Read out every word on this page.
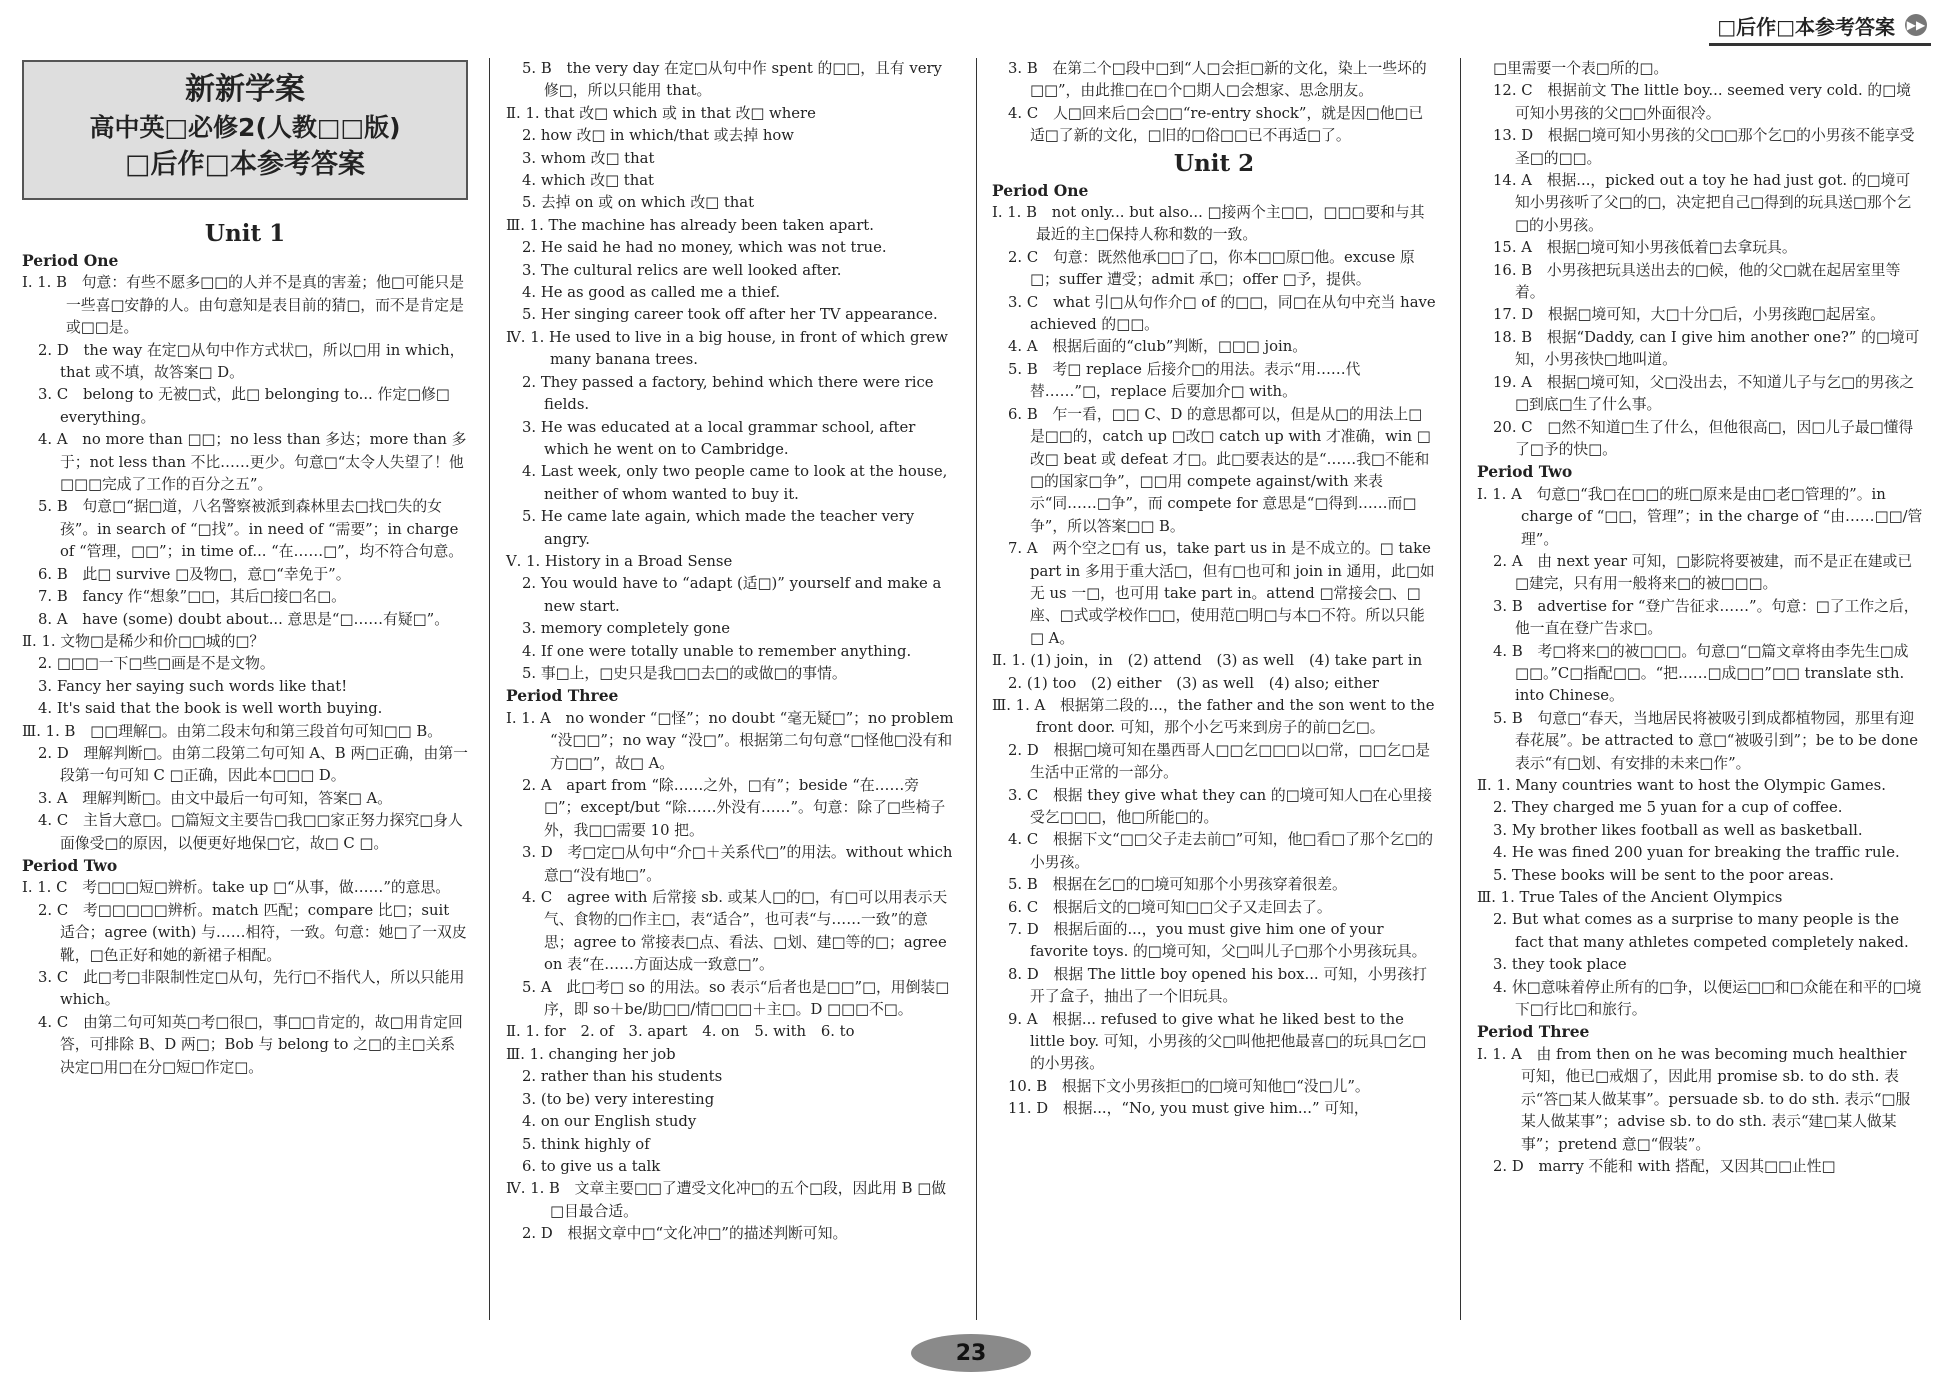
□后作□本参考答案 ▶▶
新新学案
高中英□必修2(人教□□版)
□后作□本参考答案

Unit 1

Period One

Ⅰ. 1. B　句意：有些不愿多□□的人并不是真的害羞；他□可能只是一些喜□安静的人。由句意知是表目前的猜□，而不是肯定是或□□是。

2. D　the way 在定□从句中作方式状□，所以□用 in which，that 或不填，故答案□ D。

3. C　belong to 无被□式，此□ belonging to... 作定□修□ everything。

4. A　no more than □□；no less than 多达；more than 多于；not less than 不比……更少。句意□“太令人失望了！他□□□完成了工作的百分之五”。

5. B　句意□“据□道，八名警察被派到森林里去□找□失的女孩”。in search of “□找”。in need of “需要”；in charge of “管理，□□”；in time of... “在……□”，均不符合句意。

6. B　此□ survive □及物□，意□“幸免于”。

7. B　fancy 作“想象”□□，其后□接□名□。

8. A　have (some) doubt about... 意思是“□……有疑□”。

Ⅱ. 1. 文物□是稀少和价□□城的□？

2. □□□一下□些□画是不是文物。

3. Fancy her saying such words like that!

4. It's said that the book is well worth buying.

Ⅲ. 1. B　□□理解□。由第二段末句和第三段首句可知□□ B。

2. D　理解判断□。由第二段第二句可知 A、B 两□正确，由第一段第一句可知 C □正确，因此本□□□ D。

3. A　理解判断□。由文中最后一句可知，答案□ A。

4. C　主旨大意□。□篇短文主要告□我□□家正努力探究□身人面像受□的原因，以便更好地保□它，故□ C □。

Period Two

Ⅰ. 1. C　考□□□短□辨析。take up □“从事，做……”的意思。

2. C　考□□□□□辨析。match 匹配；compare 比□；suit 适合；agree (with) 与……相符，一致。句意：她□了一双皮靴，□色正好和她的新裙子相配。

3. C　此□考□非限制性定□从句，先行□不指代人，所以只能用 which。

4. C　由第二句可知英□考□很□，事□□肯定的，故□用肯定回答，可排除 B、D 两□；Bob 与 belong to 之□的主□关系决定□用□在分□短□作定□。

5. B　the very day 在定□从句中作 spent 的□□，且有 very 修□，所以只能用 that。

Ⅱ. 1. that 改□ which 或 in that 改□ where

2. how 改□ in which/that 或去掉 how

3. whom 改□ that

4. which 改□ that

5. 去掉 on 或 on which 改□ that

Ⅲ. 1. The machine has already been taken apart.

2. He said he had no money, which was not true.

3. The cultural relics are well looked after.

4. He as good as called me a thief.

5. Her singing career took off after her TV appearance.

Ⅳ. 1. He used to live in a big house, in front of which grew many banana trees.

2. They passed a factory, behind which there were rice fields.

3. He was educated at a local grammar school, after which he went on to Cambridge.

4. Last week, only two people came to look at the house, neither of whom wanted to buy it.

5. He came late again, which made the teacher very angry.

Ⅴ. 1. History in a Broad Sense

2. You would have to “adapt (适□)” yourself and make a new start.

3. memory completely gone

4. If one were totally unable to remember anything.

5. 事□上，□史只是我□□去□的或做□的事情。

Period Three

Ⅰ. 1. A　no wonder “□怪”；no doubt “毫无疑□”；no problem “没□□”；no way “没□”。根据第二句句意“□怪他□没有和方□□”，故□ A。

2. A　apart from “除……之外，□有”；beside “在……旁□”；except/but “除……外没有……”。句意：除了□些椅子外，我□□需要 10 把。

3. D　考□定□从句中“介□＋关系代□”的用法。without which 意□“没有地□”。

4. C　agree with 后常接 sb. 或某人□的□，有□可以用表示天气、食物的□作主□，表“适合”，也可表“与……一致”的意思；agree to 常接表□点、看法、□划、建□等的□；agree on 表“在……方面达成一致意□”。

5. A　此□考□ so 的用法。so 表示“后者也是□□”□，用倒装□序，即 so＋be/助□□/情□□□＋主□。D □□□不□。

Ⅱ. 1. for　2. of　3. apart　4. on　5. with　6. to

Ⅲ. 1. changing her job

2. rather than his students

3. (to be) very interesting

4. on our English study

5. think highly of

6. to give us a talk

Ⅳ. 1. B　文章主要□□了遭受文化冲□的五个□段，因此用 B □做□目最合适。

2. D　根据文章中□“文化冲□”的描述判断可知。

3. B　在第二个□段中□到“人□会拒□新的文化，染上一些坏的□□”，由此推□在□个□期人□会想家、思念朋友。

4. C　人□回来后□会□□“re-entry shock”，就是因□他□已适□了新的文化，□旧的□俗□□已不再适□了。

Unit 2

Period One

Ⅰ. 1. B　not only... but also... □接两个主□□，□□□要和与其最近的主□保持人称和数的一致。

2. C　句意：既然他承□□了□，你本□□原□他。excuse 原□；suffer 遭受；admit 承□；offer □予，提供。

3. C　what 引□从句作介□ of 的□□，同□在从句中充当 have achieved 的□□。

4. A　根据后面的“club”判断，□□□ join。

5. B　考□ replace 后接介□的用法。表示“用……代替……”□，replace 后要加介□ with。

6. B　乍一看，□□ C、D 的意思都可以，但是从□的用法上□是□□的，catch up □改□ catch up with 才准确，win □改□ beat 或 defeat 才□。此□要表达的是“……我□不能和□的国家□争”，□□用 compete against/with 来表示“同……□争”，而 compete for 意思是“□得到……而□争”，所以答案□□ B。

7. A　两个空之□有 us，take part us in 是不成立的。□ take part in 多用于重大活□，但有□也可和 join in 通用，此□如无 us 一□，也可用 take part in。attend □常接会□、□座、□式或学校作□□，使用范□明□与本□不符。所以只能□ A。

Ⅱ. 1. (1) join，in　(2) attend　(3) as well　(4) take part in

2. (1) too　(2) either　(3) as well　(4) also; either

Ⅲ. 1. A　根据第二段的...，the father and the son went to the front door. 可知，那个小乞丐来到房子的前□乞□。

2. D　根据□境可知在墨西哥人□□乞□□□以□常，□□乞□是生活中正常的一部分。

3. C　根据 they give what they can 的□境可知人□在心里接受乞□□□，他□所能□的。

4. C　根据下文“□□父子走去前□”可知，他□看□了那个乞□的小男孩。

5. B　根据在乞□的□境可知那个小男孩穿着很差。

6. C　根据后文的□境可知□□父子又走回去了。

7. D　根据后面的...，you must give him one of your favorite toys. 的□境可知，父□叫儿子□那个小男孩玩具。

8. D　根据 The little boy opened his box... 可知，小男孩打开了盒子，抽出了一个旧玩具。

9. A　根据... refused to give what he liked best to the little boy. 可知，小男孩的父□叫他把他最喜□的玩具□乞□的小男孩。

10. B　根据下文小男孩拒□的□境可知他□“没□儿”。

11. D　根据...，“No, you must give him...” 可知，

□里需要一个表□所的□。

12. C　根据前文 The little boy... seemed very cold. 的□境可知小男孩的父□□外面很冷。

13. D　根据□境可知小男孩的父□□那个乞□的小男孩不能享受圣□的□□。

14. A　根据...，picked out a toy he had just got. 的□境可知小男孩听了父□的□，决定把自己□得到的玩具送□那个乞□的小男孩。

15. A　根据□境可知小男孩低着□去拿玩具。

16. B　小男孩把玩具送出去的□候，他的父□就在起居室里等着。

17. D　根据□境可知，大□十分□后，小男孩跑□起居室。

18. B　根据“Daddy, can I give him another one?” 的□境可知，小男孩快□地叫道。

19. A　根据□境可知，父□没出去，不知道儿子与乞□的男孩之□到底□生了什么事。

20. C　□然不知道□生了什么，但他很高□，因□儿子最□懂得了□予的快□。

Period Two

Ⅰ. 1. A　句意□“我□在□□的班□原来是由□老□管理的”。in charge of “□□，管理”；in the charge of “由……□□/管理”。

2. A　由 next year 可知，□影院将要被建，而不是正在建或已□建完，只有用一般将来□的被□□□。

3. B　advertise for “登广告征求……”。句意：□了工作之后，他一直在登广告求□。

4. B　考□将来□的被□□□。句意□“□篇文章将由李先生□成□□。”C□指配□□。“把……□成□□”□□ translate sth. into Chinese。

5. B　句意□“春天，当地居民将被吸引到成都植物园，那里有迎春花展”。be attracted to 意□“被吸引到”；be to be done 表示“有□划、有安排的未来□作”。

Ⅱ. 1. Many countries want to host the Olympic Games.

2. They charged me 5 yuan for a cup of coffee.

3. My brother likes football as well as basketball.

4. He was fined 200 yuan for breaking the traffic rule.

5. These books will be sent to the poor areas.

Ⅲ. 1. True Tales of the Ancient Olympics

2. But what comes as a surprise to many people is the fact that many athletes competed completely naked.

3. they took place

4. 休□意味着停止所有的□争，以便运□□和□众能在和平的□境下□行比□和旅行。

Period Three

Ⅰ. 1. A　由 from then on he was becoming much healthier 可知，他已□戒烟了，因此用 promise sb. to do sth. 表示“答□某人做某事”。persuade sb. to do sth. 表示“□服某人做某事”；advise sb. to do sth. 表示“建□某人做某事”；pretend 意□“假装”。

2. D　marry 不能和 with 搭配，又因其□□止性□

23
